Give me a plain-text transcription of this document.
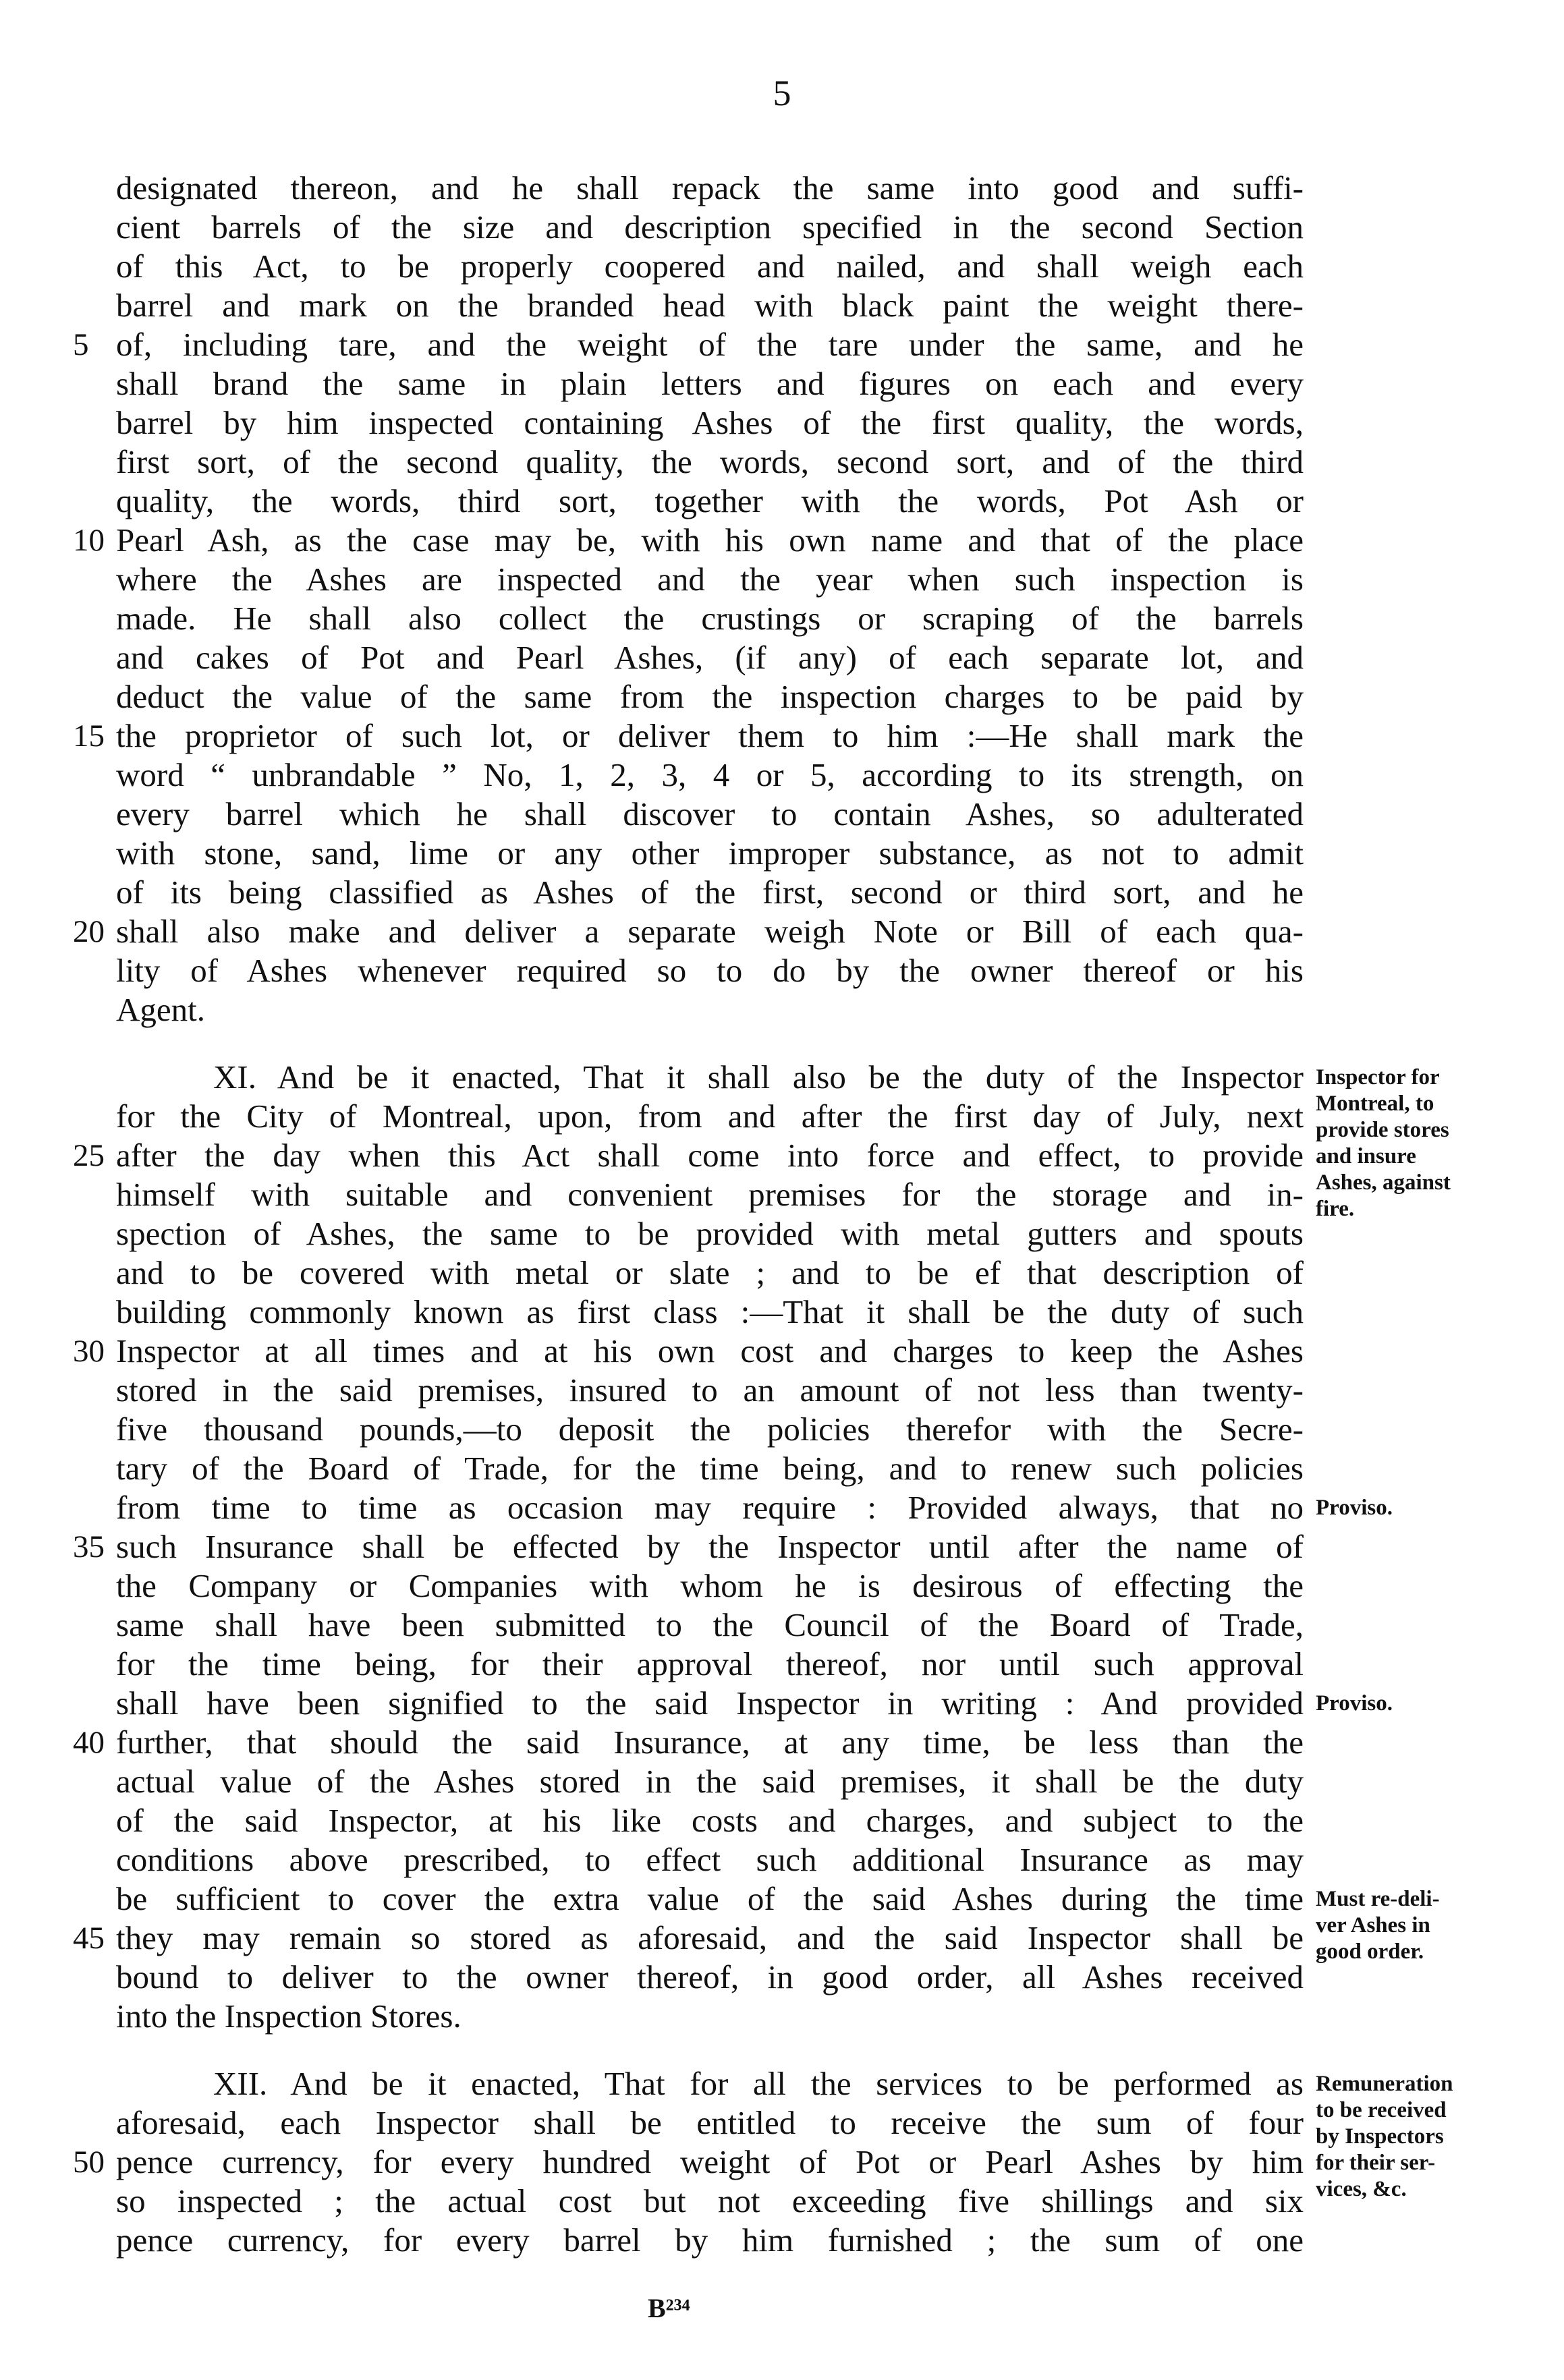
5
designated thereon, and he shall repack the same into good and suffi-
cient barrels of the size and description specified in the second Section
of this Act, to be properly coopered and nailed, and shall weigh each
barrel and mark on the branded head with black paint the weight there-
of, including tare, and the weight of the tare under the same, and he
shall brand the same in plain letters and figures on each and every
barrel by him inspected containing Ashes of the first quality, the words,
first sort, of the second quality, the words, second sort, and of the third
quality, the words, third sort, together with the words, Pot Ash or
Pearl Ash, as the case may be, with his own name and that of the place
where the Ashes are inspected and the year when such inspection is
made. He shall also collect the crustings or scraping of the barrels
and cakes of Pot and Pearl Ashes, (if any) of each separate lot, and
deduct the value of the same from the inspection charges to be paid by
the proprietor of such lot, or deliver them to him :—He shall mark the
word “ unbrandable ” No, 1, 2, 3, 4 or 5, according to its strength, on
every barrel which he shall discover to contain Ashes, so adulterated
with stone, sand, lime or any other improper substance, as not to admit
of its being classified as Ashes of the first, second or third sort, and he
shall also make and deliver a separate weigh Note or Bill of each qua-
lity of Ashes whenever required so to do by the owner thereof or his
Agent.
XI. And be it enacted, That it shall also be the duty of the Inspector
for the City of Montreal, upon, from and after the first day of July, next
after the day when this Act shall come into force and effect, to provide
himself with suitable and convenient premises for the storage and in-
spection of Ashes, the same to be provided with metal gutters and spouts
and to be covered with metal or slate ; and to be ef that description of
building commonly known as first class :—That it shall be the duty of such
Inspector at all times and at his own cost and charges to keep the Ashes
stored in the said premises, insured to an amount of not less than twenty-
five thousand pounds,—to deposit the policies therefor with the Secre-
tary of the Board of Trade, for the time being, and to renew such policies
from time to time as occasion may require : Provided always, that no
such Insurance shall be effected by the Inspector until after the name of
the Company or Companies with whom he is desirous of effecting the
same shall have been submitted to the Council of the Board of Trade,
for the time being, for their approval thereof, nor until such approval
shall have been signified to the said Inspector in writing : And provided
further, that should the said Insurance, at any time, be less than the
actual value of the Ashes stored in the said premises, it shall be the duty
of the said Inspector, at his like costs and charges, and subject to the
conditions above prescribed, to effect such additional Insurance as may
be sufficient to cover the extra value of the said Ashes during the time
they may remain so stored as aforesaid, and the said Inspector shall be
bound to deliver to the owner thereof, in good order, all Ashes received
into the Inspection Stores.
XII. And be it enacted, That for all the services to be performed as
aforesaid, each Inspector shall be entitled to receive the sum of four
pence currency, for every hundred weight of Pot or Pearl Ashes by him
so inspected ; the actual cost but not exceeding five shillings and six
pence currency, for every barrel by him furnished ; the sum of one
5
10
15
20
25
30
35
40
45
50
Inspector for
Montreal, to
provide stores
and insure
Ashes, against
fire.
Proviso.
Proviso.
Must re-deli-
ver Ashes in
good order.
Remuneration
to be received
by Inspectors
for their ser-
vices, &c.
B²³⁴
